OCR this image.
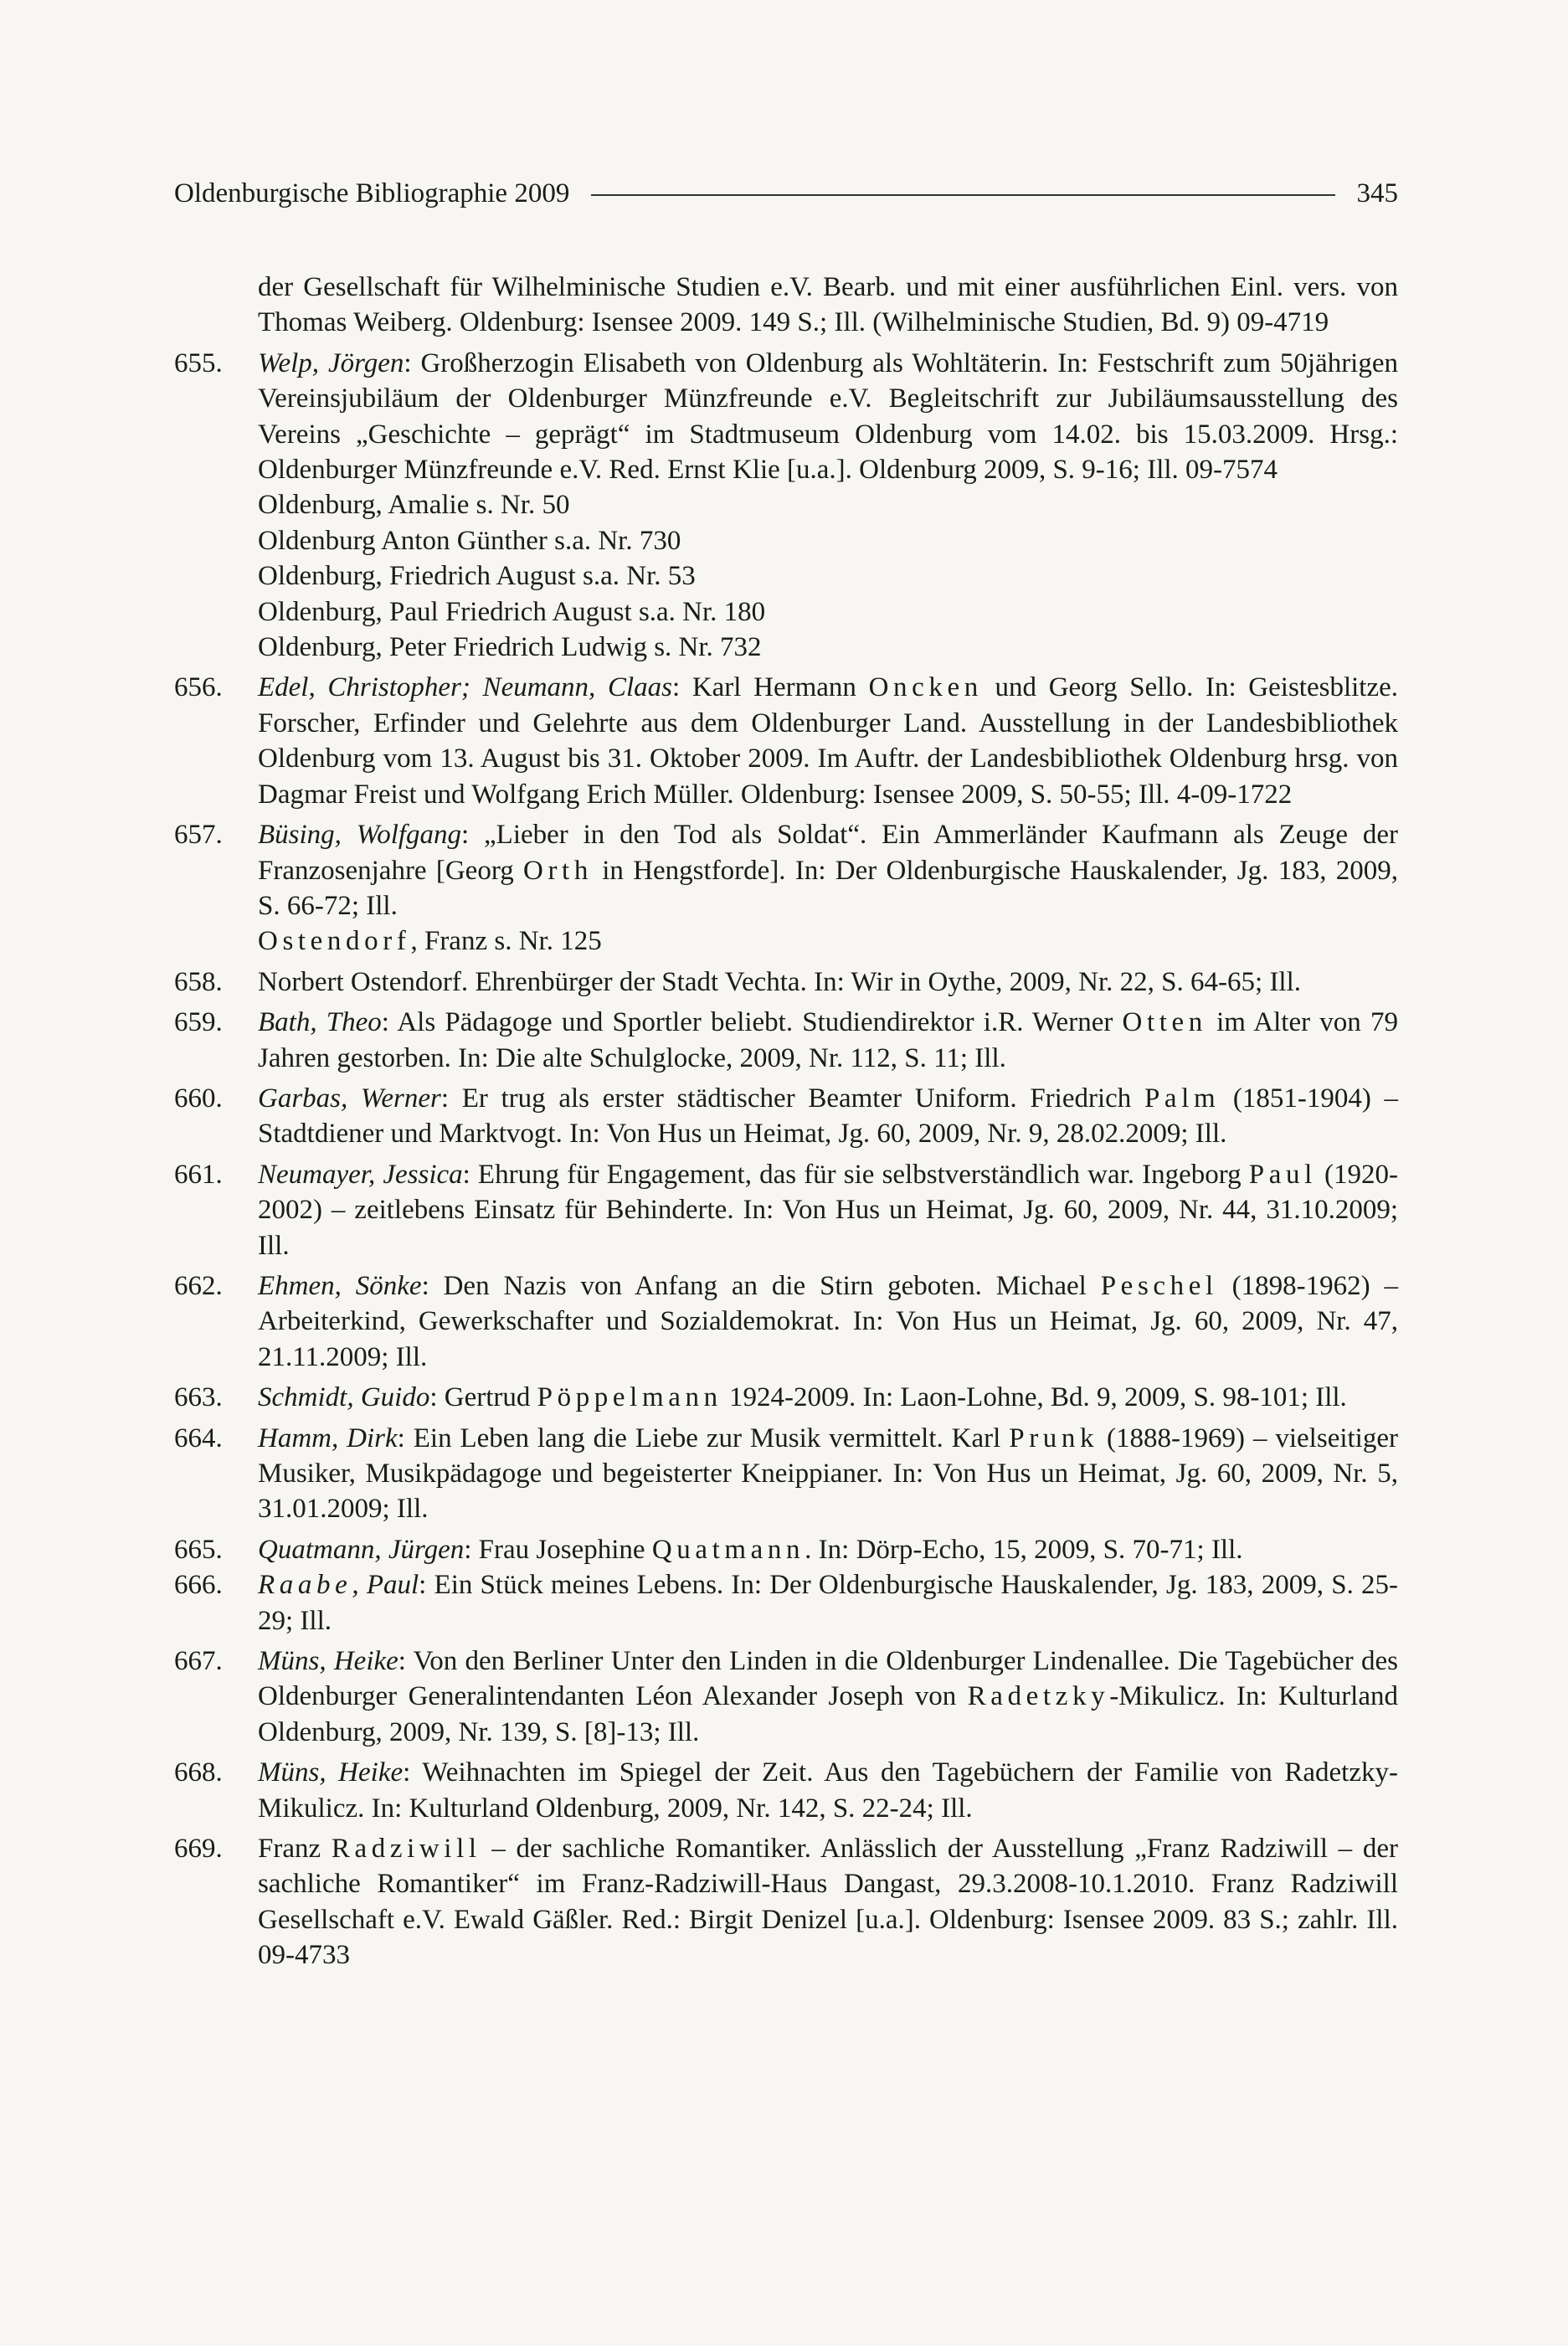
Oldenburgische Bibliographie 2009	345
der Gesellschaft für Wilhelminische Studien e.V. Bearb. und mit einer ausführlichen Einl. vers. von Thomas Weiberg. Oldenburg: Isensee 2009. 149 S.; Ill. (Wilhelminische Studien, Bd. 9) 09-4719
655.	Welp, Jörgen: Großherzogin Elisabeth von Oldenburg als Wohltäterin. In: Festschrift zum 50jährigen Vereinsjubiläum der Oldenburger Münzfreunde e.V. Begleitschrift zur Jubiläumsausstellung des Vereins „Geschichte – geprägt“ im Stadtmuseum Oldenburg vom 14.02. bis 15.03.2009. Hrsg.: Oldenburger Münzfreunde e.V. Red. Ernst Klie [u.a.]. Oldenburg 2009, S. 9-16; Ill. 09-7574
Oldenburg, Amalie s. Nr. 50
Oldenburg Anton Günther s.a. Nr. 730
Oldenburg, Friedrich August s.a. Nr. 53
Oldenburg, Paul Friedrich August s.a. Nr. 180
Oldenburg, Peter Friedrich Ludwig s. Nr. 732
656.	Edel, Christopher; Neumann, Claas: Karl Hermann Oncken und Georg Sello. In: Geistesblitze. Forscher, Erfinder und Gelehrte aus dem Oldenburger Land. Ausstellung in der Landesbibliothek Oldenburg vom 13. August bis 31. Oktober 2009. Im Auftr. der Landesbibliothek Oldenburg hrsg. von Dagmar Freist und Wolfgang Erich Müller. Oldenburg: Isensee 2009, S. 50-55; Ill. 4-09-1722
657.	Büsing, Wolfgang: „Lieber in den Tod als Soldat“. Ein Ammerländer Kaufmann als Zeuge der Franzosenjahre [Georg Orth in Hengstforde]. In: Der Oldenburgische Hauskalender, Jg. 183, 2009, S. 66-72; Ill.
Ostendorf, Franz s. Nr. 125
658.	Norbert Ostendorf. Ehrenbürger der Stadt Vechta. In: Wir in Oythe, 2009, Nr. 22, S. 64-65; Ill.
659.	Bath, Theo: Als Pädagoge und Sportler beliebt. Studiendirektor i.R. Werner Otten im Alter von 79 Jahren gestorben. In: Die alte Schulglocke, 2009, Nr. 112, S. 11; Ill.
660.	Garbas, Werner: Er trug als erster städtischer Beamter Uniform. Friedrich Palm (1851-1904) – Stadtdiener und Marktvogt. In: Von Hus un Heimat, Jg. 60, 2009, Nr. 9, 28.02.2009; Ill.
661.	Neumayer, Jessica: Ehrung für Engagement, das für sie selbstverständlich war. Ingeborg Paul (1920-2002) – zeitlebens Einsatz für Behinderte. In: Von Hus un Heimat, Jg. 60, 2009, Nr. 44, 31.10.2009; Ill.
662.	Ehmen, Sönke: Den Nazis von Anfang an die Stirn geboten. Michael Peschel (1898-1962) – Arbeiterkind, Gewerkschafter und Sozialdemokrat. In: Von Hus un Heimat, Jg. 60, 2009, Nr. 47, 21.11.2009; Ill.
663.	Schmidt, Guido: Gertrud Pöppelmann 1924-2009. In: Laon-Lohne, Bd. 9, 2009, S. 98-101; Ill.
664.	Hamm, Dirk: Ein Leben lang die Liebe zur Musik vermittelt. Karl Prunk (1888-1969) – vielseitiger Musiker, Musikpädagoge und begeisterter Kneippianer. In: Von Hus un Heimat, Jg. 60, 2009, Nr. 5, 31.01.2009; Ill.
665.	Quatmann, Jürgen: Frau Josephine Quatmann. In: Dörp-Echo, 15, 2009, S. 70-71; Ill.
666.	Raabe, Paul: Ein Stück meines Lebens. In: Der Oldenburgische Hauskalender, Jg. 183, 2009, S. 25-29; Ill.
667.	Müns, Heike: Von den Berliner Unter den Linden in die Oldenburger Lindenallee. Die Tagebücher des Oldenburger Generalintendanten Léon Alexander Joseph von Radetzky-Mikulicz. In: Kulturland Oldenburg, 2009, Nr. 139, S. [8]-13; Ill.
668.	Müns, Heike: Weihnachten im Spiegel der Zeit. Aus den Tagebüchern der Familie von Radetzky-Mikulicz. In: Kulturland Oldenburg, 2009, Nr. 142, S. 22-24; Ill.
669.	Franz Radziwill – der sachliche Romantiker. Anlässlich der Ausstellung „Franz Radziwill – der sachliche Romantiker“ im Franz-Radziwill-Haus Dangast, 29.3.2008-10.1.2010. Franz Radziwill Gesellschaft e.V. Ewald Gäßler. Red.: Birgit Denizel [u.a.]. Oldenburg: Isensee 2009. 83 S.; zahlr. Ill. 09-4733
